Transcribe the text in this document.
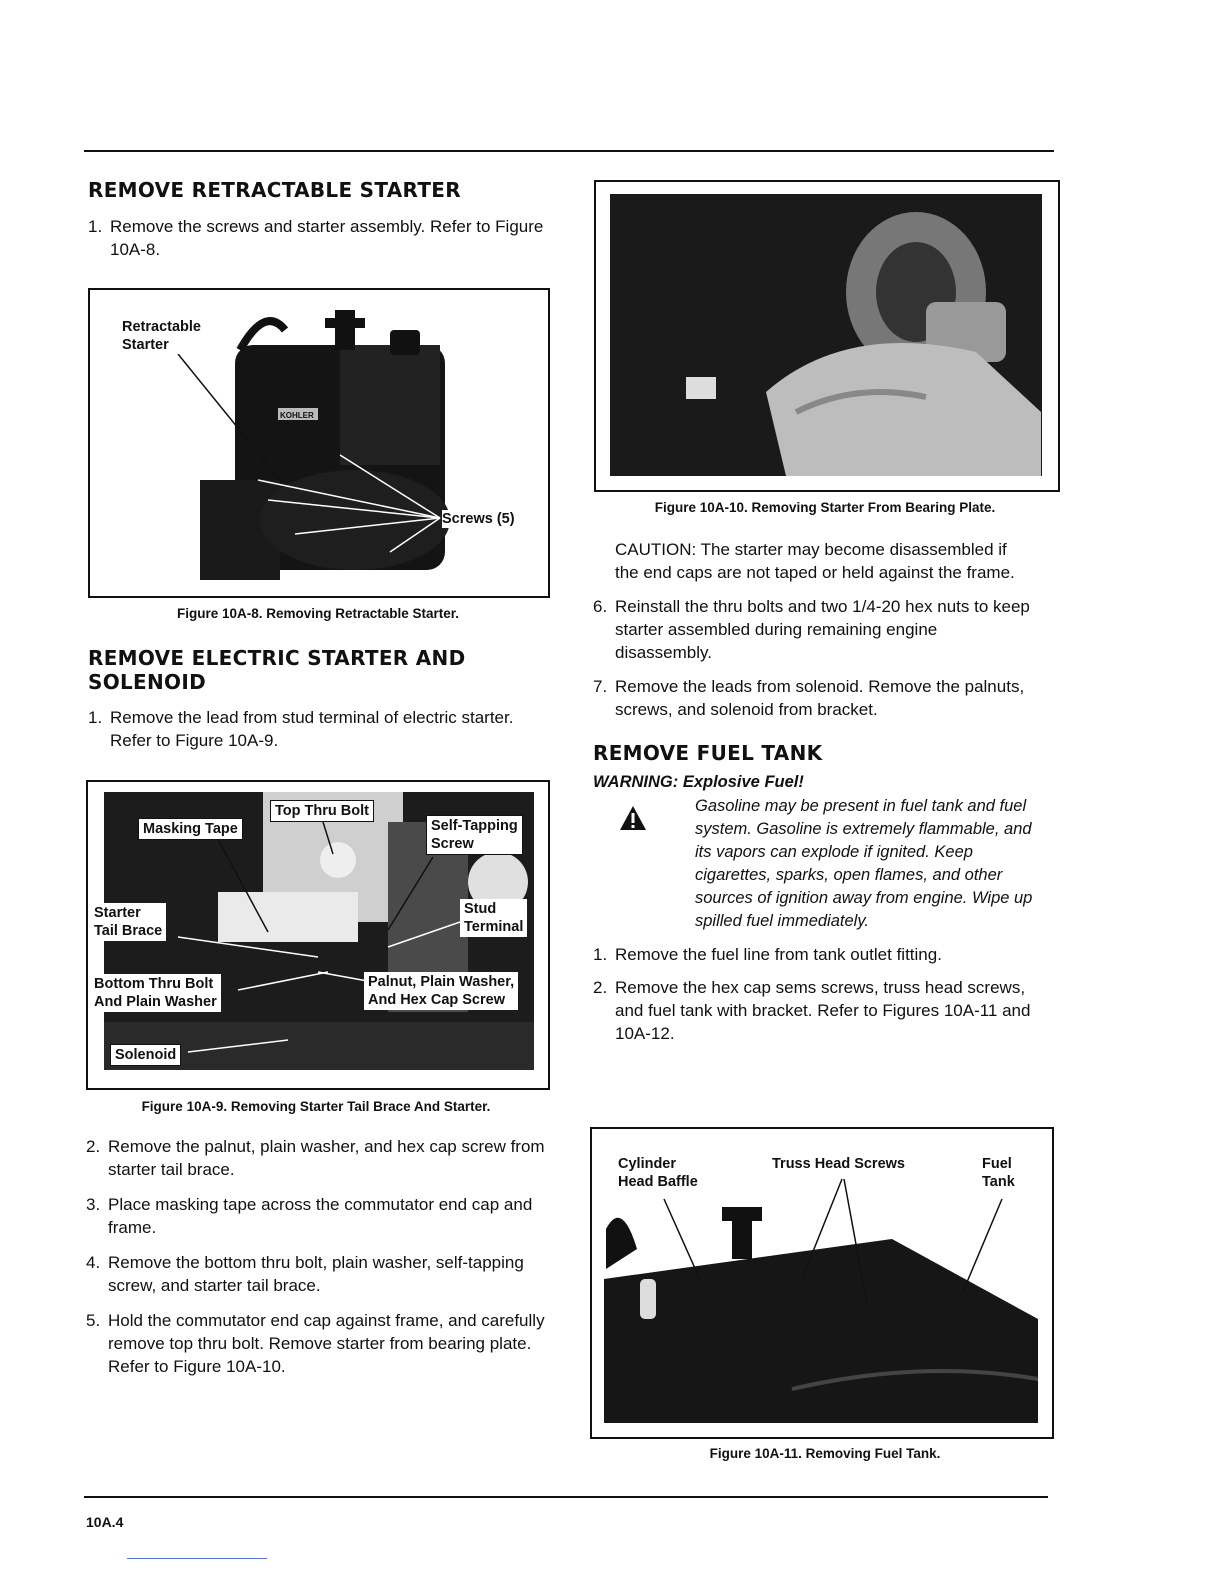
REMOVE RETRACTABLE STARTER
1. Remove the screws and starter assembly. Refer to Figure 10A-8.
KOHLER
Retractable
Starter
Screws (5)
Figure 10A-8. Removing Retractable Starter.
REMOVE ELECTRIC STARTER AND SOLENOID
1. Remove the lead from stud terminal of electric starter. Refer to Figure 10A-9.
Masking Tape
Top Thru Bolt
Self-Tapping
Screw
Starter
Tail Brace
Stud
Terminal
Bottom Thru Bolt
And Plain Washer
Palnut, Plain Washer,
And Hex Cap Screw
Solenoid
Figure 10A-9. Removing Starter Tail Brace And Starter.
2. Remove the palnut, plain washer, and hex cap screw from starter tail brace.
3. Place masking tape across the commutator end cap and frame.
4. Remove the bottom thru bolt, plain washer, self-tapping screw, and starter tail brace.
5. Hold the commutator end cap against frame, and carefully remove top thru bolt. Remove starter from bearing plate. Refer to Figure 10A-10.
Figure 10A-10. Removing Starter From Bearing Plate.

CAUTION: The starter may become disassembled if the end caps are not taped or held against the frame.

6. Reinstall the thru bolts and two 1/4-20 hex nuts to keep starter assembled during remaining engine disassembly.
7. Remove the leads from solenoid. Remove the palnuts, screws, and solenoid from bracket.
REMOVE FUEL TANK
WARNING: Explosive Fuel!

Gasoline may be present in fuel tank and fuel system. Gasoline is extremely flammable, and its vapors can explode if ignited. Keep cigarettes, sparks, open flames, and other sources of ignition away from engine. Wipe up spilled fuel immediately.

1. Remove the fuel line from tank outlet fitting.
2. Remove the hex cap sems screws, truss head screws, and fuel tank with bracket. Refer to Figures 10A-11 and 10A-12.
Cylinder
Head Baffle
Truss Head Screws	Fuel
Tank
Figure 10A-11. Removing Fuel Tank.
10A.4
